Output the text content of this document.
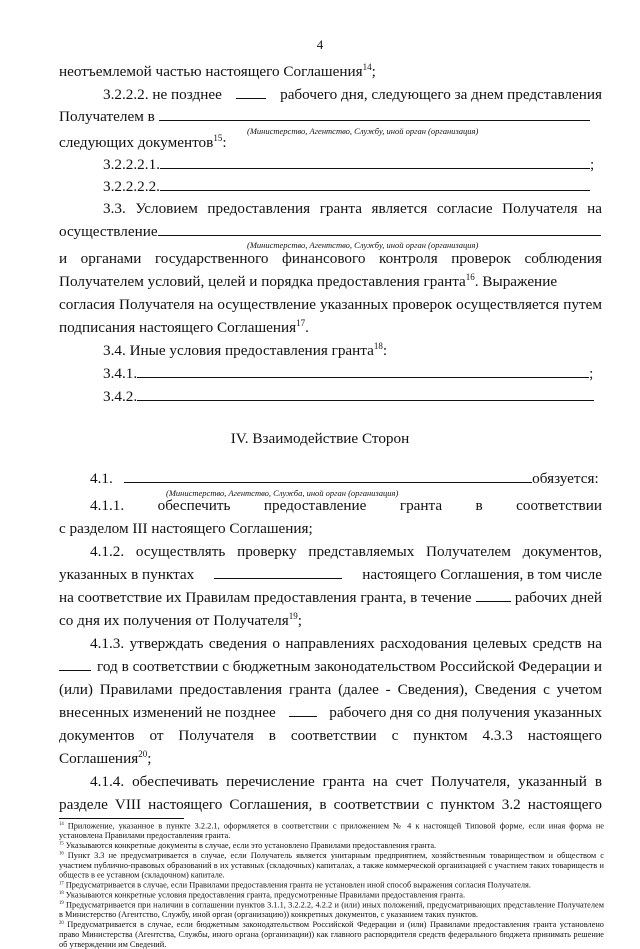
4
неотъемлемой частью настоящего Соглашения$^{14}$;
3.2.2.2. не позднее	рабочего дня, следующего за днем представления
Получателем в
(Министерство, Агентство, Службу, иной орган (организация)
следующих документов$^{15}$:
3.2.2.2.1.	;
3.2.2.2.2.
3.3. Условием предоставления гранта является согласие Получателя на
осуществление
(Министерство, Агентство, Службу, иной орган (организация)
и органами государственного финансового контроля проверок соблюдения
Получателем условий, целей и порядка предоставления гранта$^{16}$. Выражение
согласия Получателя на осуществление указанных проверок осуществляется путем
подписания настоящего Соглашения$^{17}$.
3.4. Иные условия предоставления гранта$^{18}$:
3.4.1.	;
3.4.2.
IV. Взаимодействие Сторон
4.1.	обязуется:
(Министерство, Агентство, Служба, иной орган (организация)
4.1.1. обеспечить предоставление гранта в соответствии
с разделом III настоящего Соглашения;
4.1.2. осуществлять проверку представляемых Получателем документов,
указанных в пунктах	настоящего Соглашения, в том числе
на соответствие их Правилам предоставления гранта, в течение	рабочих дней
со дня их получения от Получателя$^{19}$;
4.1.3. утверждать сведения о направлениях расходования целевых средств на
год в соответствии с бюджетным законодательством Российской Федерации и
(или) Правилами предоставления гранта (далее - Сведения), Сведения с учетом
внесенных изменений не позднее	рабочего дня со дня получения указанных
документов от Получателя в соответствии с пунктом 4.3.3 настоящего
Соглашения$^{20}$;
4.1.4. обеспечивать перечисление гранта на счет Получателя, указанный в
разделе VIII настоящего Соглашения, в соответствии с пунктом 3.2 настоящего
$^{14}$ Приложение, указанное в пункте 3.2.2.1, оформляется в соответствии с приложением № 4 к настоящей Типовой форме, если иная форма не установлена Правилами предоставления гранта.
$^{15}$ Указываются конкретные документы в случае, если это установлено Правилами предоставления гранта.
$^{16}$ Пункт 3.3 не предусматривается в случае, если Получатель является унитарным предприятием, хозяйственным товариществом и обществом с участием публично-правовых образований в их уставных (складочных) капиталах, а также коммерческой организацией с участием таких товариществ и обществ в ее уставном (складочном) капитале.
$^{17}$ Предусматривается в случае, если Правилами предоставления гранта не установлен иной способ выражения согласия Получателя.
$^{18}$ Указываются конкретные условия предоставления гранта, предусмотренные Правилами предоставления гранта.
$^{19}$ Предусматривается при наличии в соглашении пунктов 3.1.1, 3.2.2.2, 4.2.2 и (или) иных положений, предусматривающих представление Получателем в Министерство (Агентство, Службу, иной орган (организацию)) конкретных документов, с указанием таких пунктов.
$^{20}$ Предусматривается в случае, если бюджетным законодательством Российской Федерации и (или) Правилами предоставления гранта установлено право Министерства (Агентства, Службы, иного органа (организации)) как главного распорядителя средств федерального бюджета принимать решение об утверждении им Сведений.
